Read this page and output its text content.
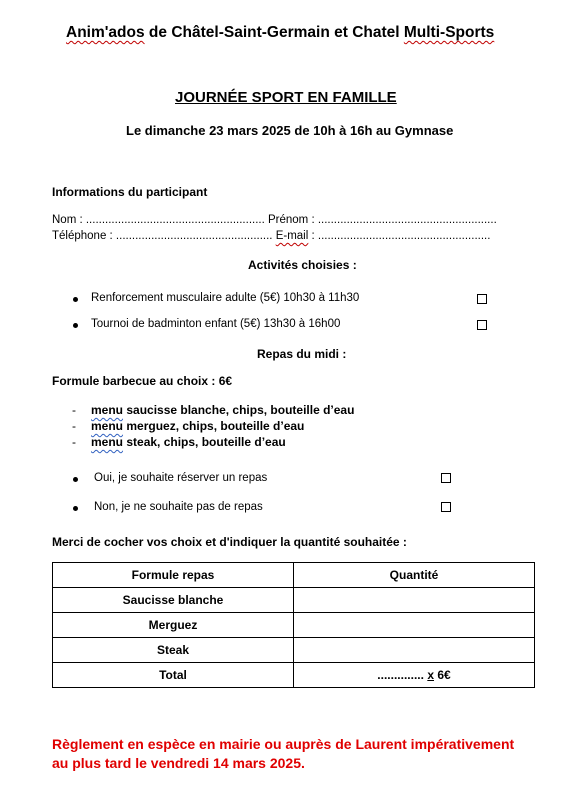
Anim'ados de Châtel-Saint-Germain et Chatel Multi-Sports
JOURNÉE SPORT EN FAMILLE
Le dimanche 23 mars 2025 de 10h à 16h au Gymnase
Informations du participant
Nom : ........................................................ Prénom : ........................................................
Téléphone : ................................................. E-mail : ......................................................
Activités choisies :
Renforcement musculaire adulte (5€) 10h30 à 11h30
Tournoi de badminton enfant (5€) 13h30 à 16h00
Repas du midi :
Formule barbecue au choix : 6€
- menu saucisse blanche, chips, bouteille d’eau
- menu merguez, chips, bouteille d’eau
- menu steak, chips, bouteille d’eau
Oui, je souhaite réserver un repas
Non, je ne souhaite pas de repas
Merci de cocher vos choix et d'indiquer la quantité souhaitée :
Formule repas	Quantité
Saucisse blanche	
Merguez	
Steak	
Total	.............. x 6€
Règlement en espèce en mairie ou auprès de Laurent impérativement
au plus tard le vendredi 14 mars 2025.
